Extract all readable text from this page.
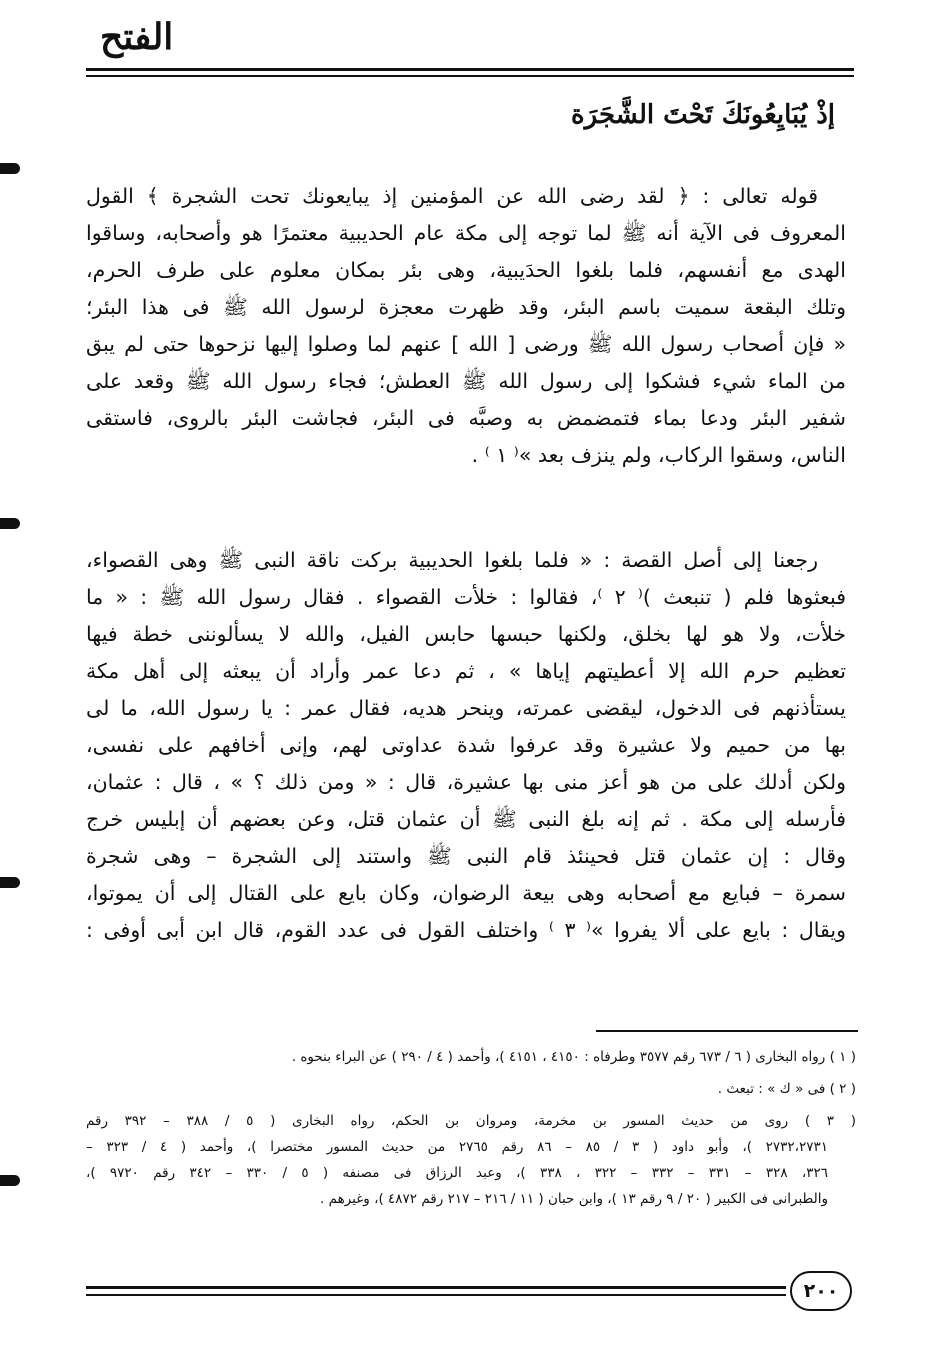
الفتح
إذْ يُبَايِعُونَكَ تَحْتَ الشَّجَرَة
قوله تعالى : ﴿ لقد رضى الله عن المؤمنين إذ يبايعونك تحت الشجرة ﴾ القول
المعروف فى الآية أنه ﷺ لما توجه إلى مكة عام الحديبية معتمرًا هو وأصحابه، وساقوا
الهدى مع أنفسهم، فلما بلغوا الحدَيبية، وهى بئر بمكان معلوم على طرف الحرم،
وتلك البقعة سميت باسم البئر، وقد ظهرت معجزة لرسول الله ﷺ فى هذا البئر؛
« فإن أصحاب رسول الله ﷺ ورضى [ الله ] عنهم لما وصلوا إليها نزحوها حتى لم يبق
من الماء شيء فشكوا إلى رسول الله ﷺ العطش؛ فجاء رسول الله ﷺ وقعد على
شفير البئر ودعا بماء فتمضمض به وصبَّه فى البئر، فجاشت البئر بالروى، فاستقى
الناس، وسقوا الركاب، ولم ينزف بعد »⁽ ١ ⁾ .
رجعنا إلى أصل القصة : « فلما بلغوا الحديبية بركت ناقة النبى ﷺ وهى القصواء،
فبعثوها فلم ( تنبعث )⁽ ٢ ⁾، فقالوا : خلأت القصواء . فقال رسول الله ﷺ : « ما
خلأت، ولا هو لها بخلق، ولكنها حبسها حابس الفيل، والله لا يسألوننى خطة فيها
تعظيم حرم الله إلا أعطيتهم إياها » ، ثم دعا عمر وأراد أن يبعثه إلى أهل مكة
يستأذنهم فى الدخول، ليقضى عمرته، وينحر هديه، فقال عمر : يا رسول الله، ما لى
بها من حميم ولا عشيرة وقد عرفوا شدة عداوتى لهم، وإنى أخافهم على نفسى،
ولكن أدلك على من هو أعز منى بها عشيرة، قال : « ومن ذلك ؟ » ، قال : عثمان،
فأرسله إلى مكة . ثم إنه بلغ النبى ﷺ أن عثمان قتل، وعن بعضهم أن إبليس خرج
وقال : إن عثمان قتل فحينئذ قام النبى ﷺ واستند إلى الشجرة – وهى شجرة
سمرة – فبايع مع أصحابه وهى بيعة الرضوان، وكان بايع على القتال إلى أن يموتوا،
ويقال : بايع على ألا يفروا »⁽ ٣ ⁾ واختلف القول فى عدد القوم، قال ابن أبى أوفى :
( ١ ) رواه البخارى ( ٦ / ٦٧٣ رقم ٣٥٧٧ وطرفاه : ٤١٥٠ ، ٤١٥١ )، وأحمد ( ٤ / ٢٩٠ ) عن البراء بنحوه .
( ٢ ) فى « ك » : تبعث .
( ٣ ) روى من حديث المسور بن مخرمة، ومروان بن الحكم، رواه البخارى ( ٥ / ٣٨٨ – ٣٩٢ رقم
٢٧٣٢،٢٧٣١ )، وأبو داود ( ٣ / ٨٥ – ٨٦ رقم ٢٧٦٥ من حديث المسور مختصرا )، وأحمد ( ٤ / ٣٢٣ –
٣٢٦، ٣٢٨ – ٣٣١ – ٣٣٢ – ٣٢٢ ، ٣٣٨ )، وعبد الرزاق فى مصنفه ( ٥ / ٣٣٠ – ٣٤٢ رقم ٩٧٢٠ )،
والطبرانى فى الكبير ( ٢٠ / ٩ رقم ١٣ )، وابن حبان ( ١١ / ٢١٦ – ٢١٧ رقم ٤٨٧٢ )، وغيرهم .
٢٠٠
